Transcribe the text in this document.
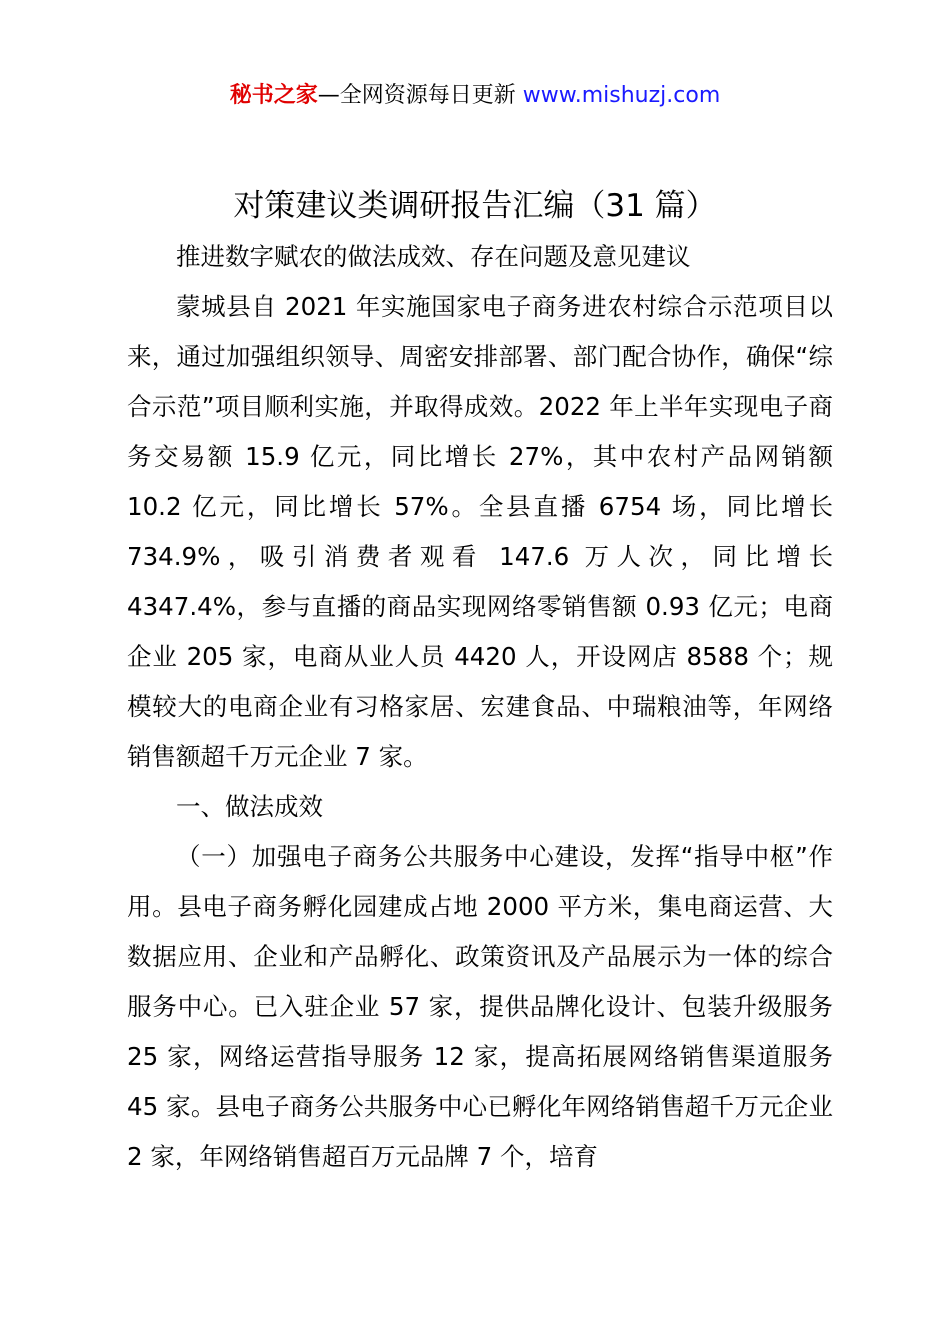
秘书之家—全网资源每日更新 www.mishuzj.com
对策建议类调研报告汇编（31 篇）

推进数字赋农的做法成效、存在问题及意见建议

蒙城县自 2021 年实施国家电子商务进农村综合示范项目以来，通过加强组织领导、周密安排部署、部门配合协作，确保“综合示范”项目顺利实施，并取得成效。2022 年上半年实现电子商务交易额 15.9 亿元，同比增长 27%，其中农村产品网销额 10.2 亿元，同比增长 57%。全县直播 6754 场，同比增长 734.9%，吸引消费者观看 147.6 万人次，同比增长 4347.4%，参与直播的商品实现网络零销售额 0.93 亿元；电商企业 205 家，电商从业人员 4420 人，开设网店 8588 个；规模较大的电商企业有习格家居、宏建食品、中瑞粮油等，年网络销售额超千万元企业 7 家。

一、做法成效

（一）加强电子商务公共服务中心建设，发挥“指导中枢”作用。县电子商务孵化园建成占地 2000 平方米，集电商运营、大数据应用、企业和产品孵化、政策资讯及产品展示为一体的综合服务中心。已入驻企业 57 家，提供品牌化设计、包装升级服务 25 家，网络运营指导服务 12 家，提高拓展网络销售渠道服务 45 家。县电子商务公共服务中心已孵化年网络销售超千万元企业 2 家，年网络销售超百万元品牌 7 个，培育
